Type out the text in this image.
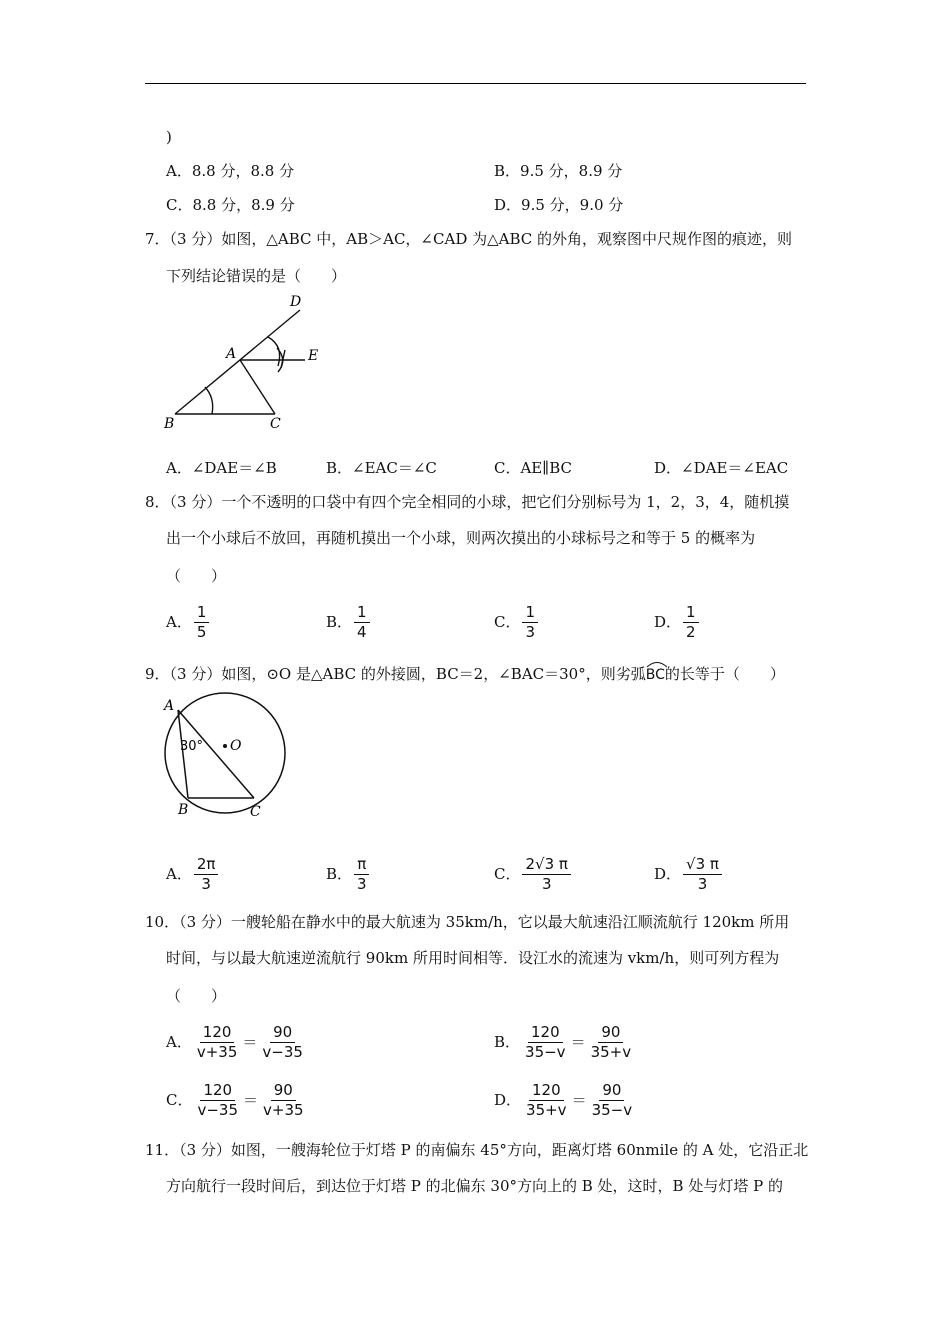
)
A．8.8 分，8.8 分	B．9.5 分，8.9 分
C．8.8 分，8.9 分	D．9.5 分，9.0 分
7．（3 分）如图，△ABC 中，AB＞AC，∠CAD 为△ABC 的外角，观察图中尺规作图的痕迹，则
下列结论错误的是（　　）
D
A	E
B	C
A．∠DAE＝∠B	B．∠EAC＝∠C	C．AE∥BC	D．∠DAE＝∠EAC
8．（3 分）一个不透明的口袋中有四个完全相同的小球，把它们分别标号为 1，2，3，4，随机摸
出一个小球后不放回，再随机摸出一个小球，则两次摸出的小球标号之和等于 5 的概率为
（　　）
A． $\frac{1}{5}$	B． $\frac{1}{4}$	C． $\frac{1}{3}$	D． $\frac{1}{2}$
9．（3 分）如图，⊙O 是△ABC 的外接圆，BC＝2，∠BAC＝30°，则劣弧
BC的长等于（　　）
A
30° O
B	C
A． $\frac{2\pi}{3}$	B． $\frac{\pi}{3}$	C． $\frac{2√3 \pi}{3}$	D． $\frac{√3 \pi}{3}$
10．（3 分）一艘轮船在静水中的最大航速为 35km/h，它以最大航速沿江顺流航行 120km 所用
时间，与以最大航速逆流航行 90km 所用时间相等．设江水的流速为 vkm/h，则可列方程为
（　　）
A． $\frac{120}{v+35} = \frac{90}{v-35}$	B． $\frac{120}{35-v} = \frac{90}{35+v}$
C． $\frac{120}{v-35} = \frac{90}{v+35}$	D． $\frac{120}{35+v} = \frac{90}{35-v}$
11．（3 分）如图，一艘海轮位于灯塔 P 的南偏东 45°方向，距离灯塔 60nmile 的 A 处，它沿正北
方向航行一段时间后，到达位于灯塔 P 的北偏东 30°方向上的 B 处，这时，B 处与灯塔 P 的
